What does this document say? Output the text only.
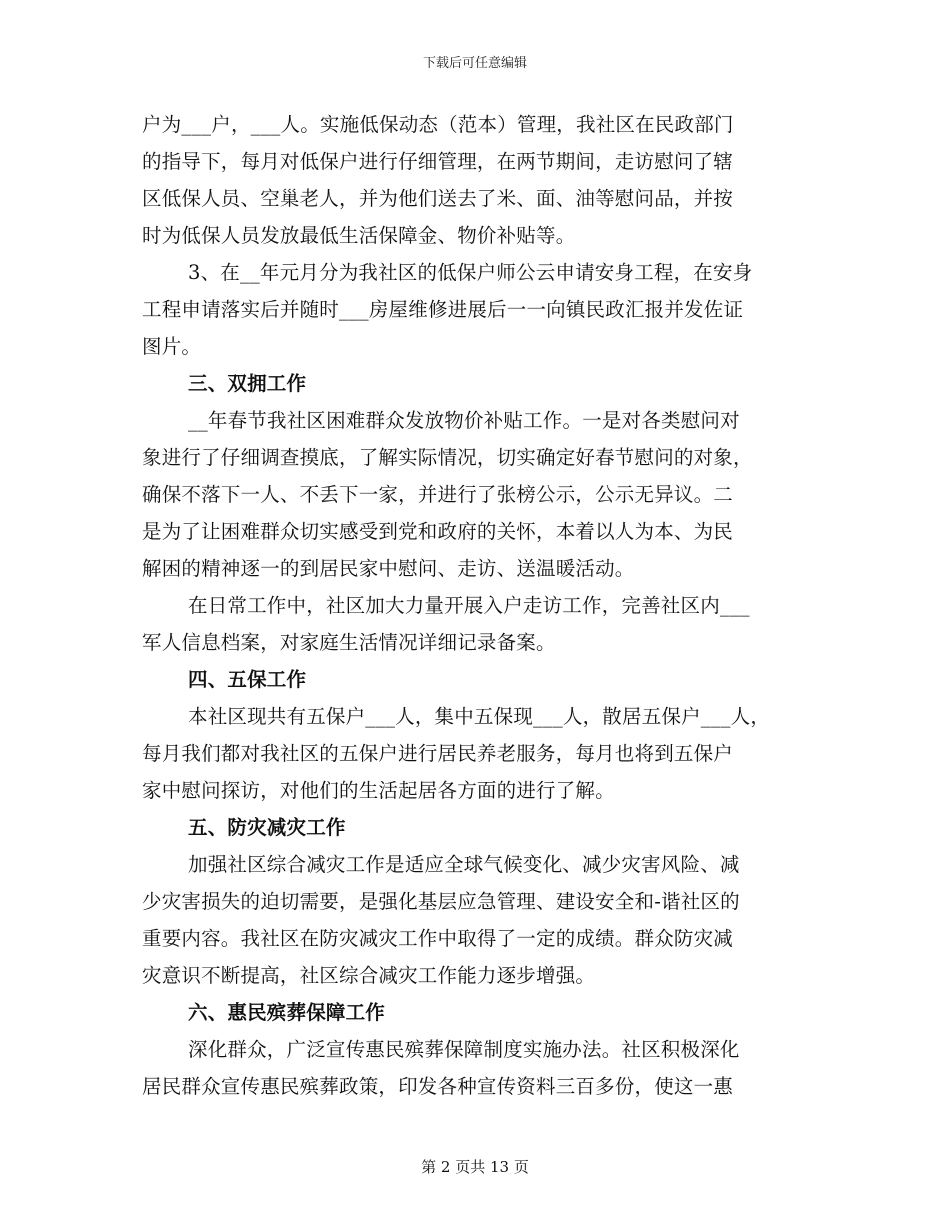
下载后可任意编辑
户为___户，___人。实施低保动态（范本）管理，我社区在民政部门
的指导下，每月对低保户进行仔细管理，在两节期间，走访慰问了辖
区低保人员、空巢老人，并为他们送去了米、面、油等慰问品，并按
时为低保人员发放最低生活保障金、物价补贴等。
3、在__年元月分为我社区的低保户师公云申请安身工程，在安身
工程申请落实后并随时___房屋维修进展后一一向镇民政汇报并发佐证
图片。
三、双拥工作
__年春节我社区困难群众发放物价补贴工作。一是对各类慰问对
象进行了仔细调查摸底，了解实际情况，切实确定好春节慰问的对象，
确保不落下一人、不丢下一家，并进行了张榜公示，公示无异议。二
是为了让困难群众切实感受到党和政府的关怀，本着以人为本、为民
解困的精神逐一的到居民家中慰问、走访、送温暖活动。
在日常工作中，社区加大力量开展入户走访工作，完善社区内___
军人信息档案，对家庭生活情况详细记录备案。
四、五保工作
本社区现共有五保户___人，集中五保现___人，散居五保户___人，
每月我们都对我社区的五保户进行居民养老服务，每月也将到五保户
家中慰问探访，对他们的生活起居各方面的进行了解。
五、防灾减灾工作
加强社区综合减灾工作是适应全球气候变化、减少灾害风险、减
少灾害损失的迫切需要，是强化基层应急管理、建设安全和-谐社区的
重要内容。我社区在防灾减灾工作中取得了一定的成绩。群众防灾减
灾意识不断提高，社区综合减灾工作能力逐步增强。
六、惠民殡葬保障工作
深化群众，广泛宣传惠民殡葬保障制度实施办法。社区积极深化
居民群众宣传惠民殡葬政策，印发各种宣传资料三百多份，使这一惠
第 2 页共 13 页
